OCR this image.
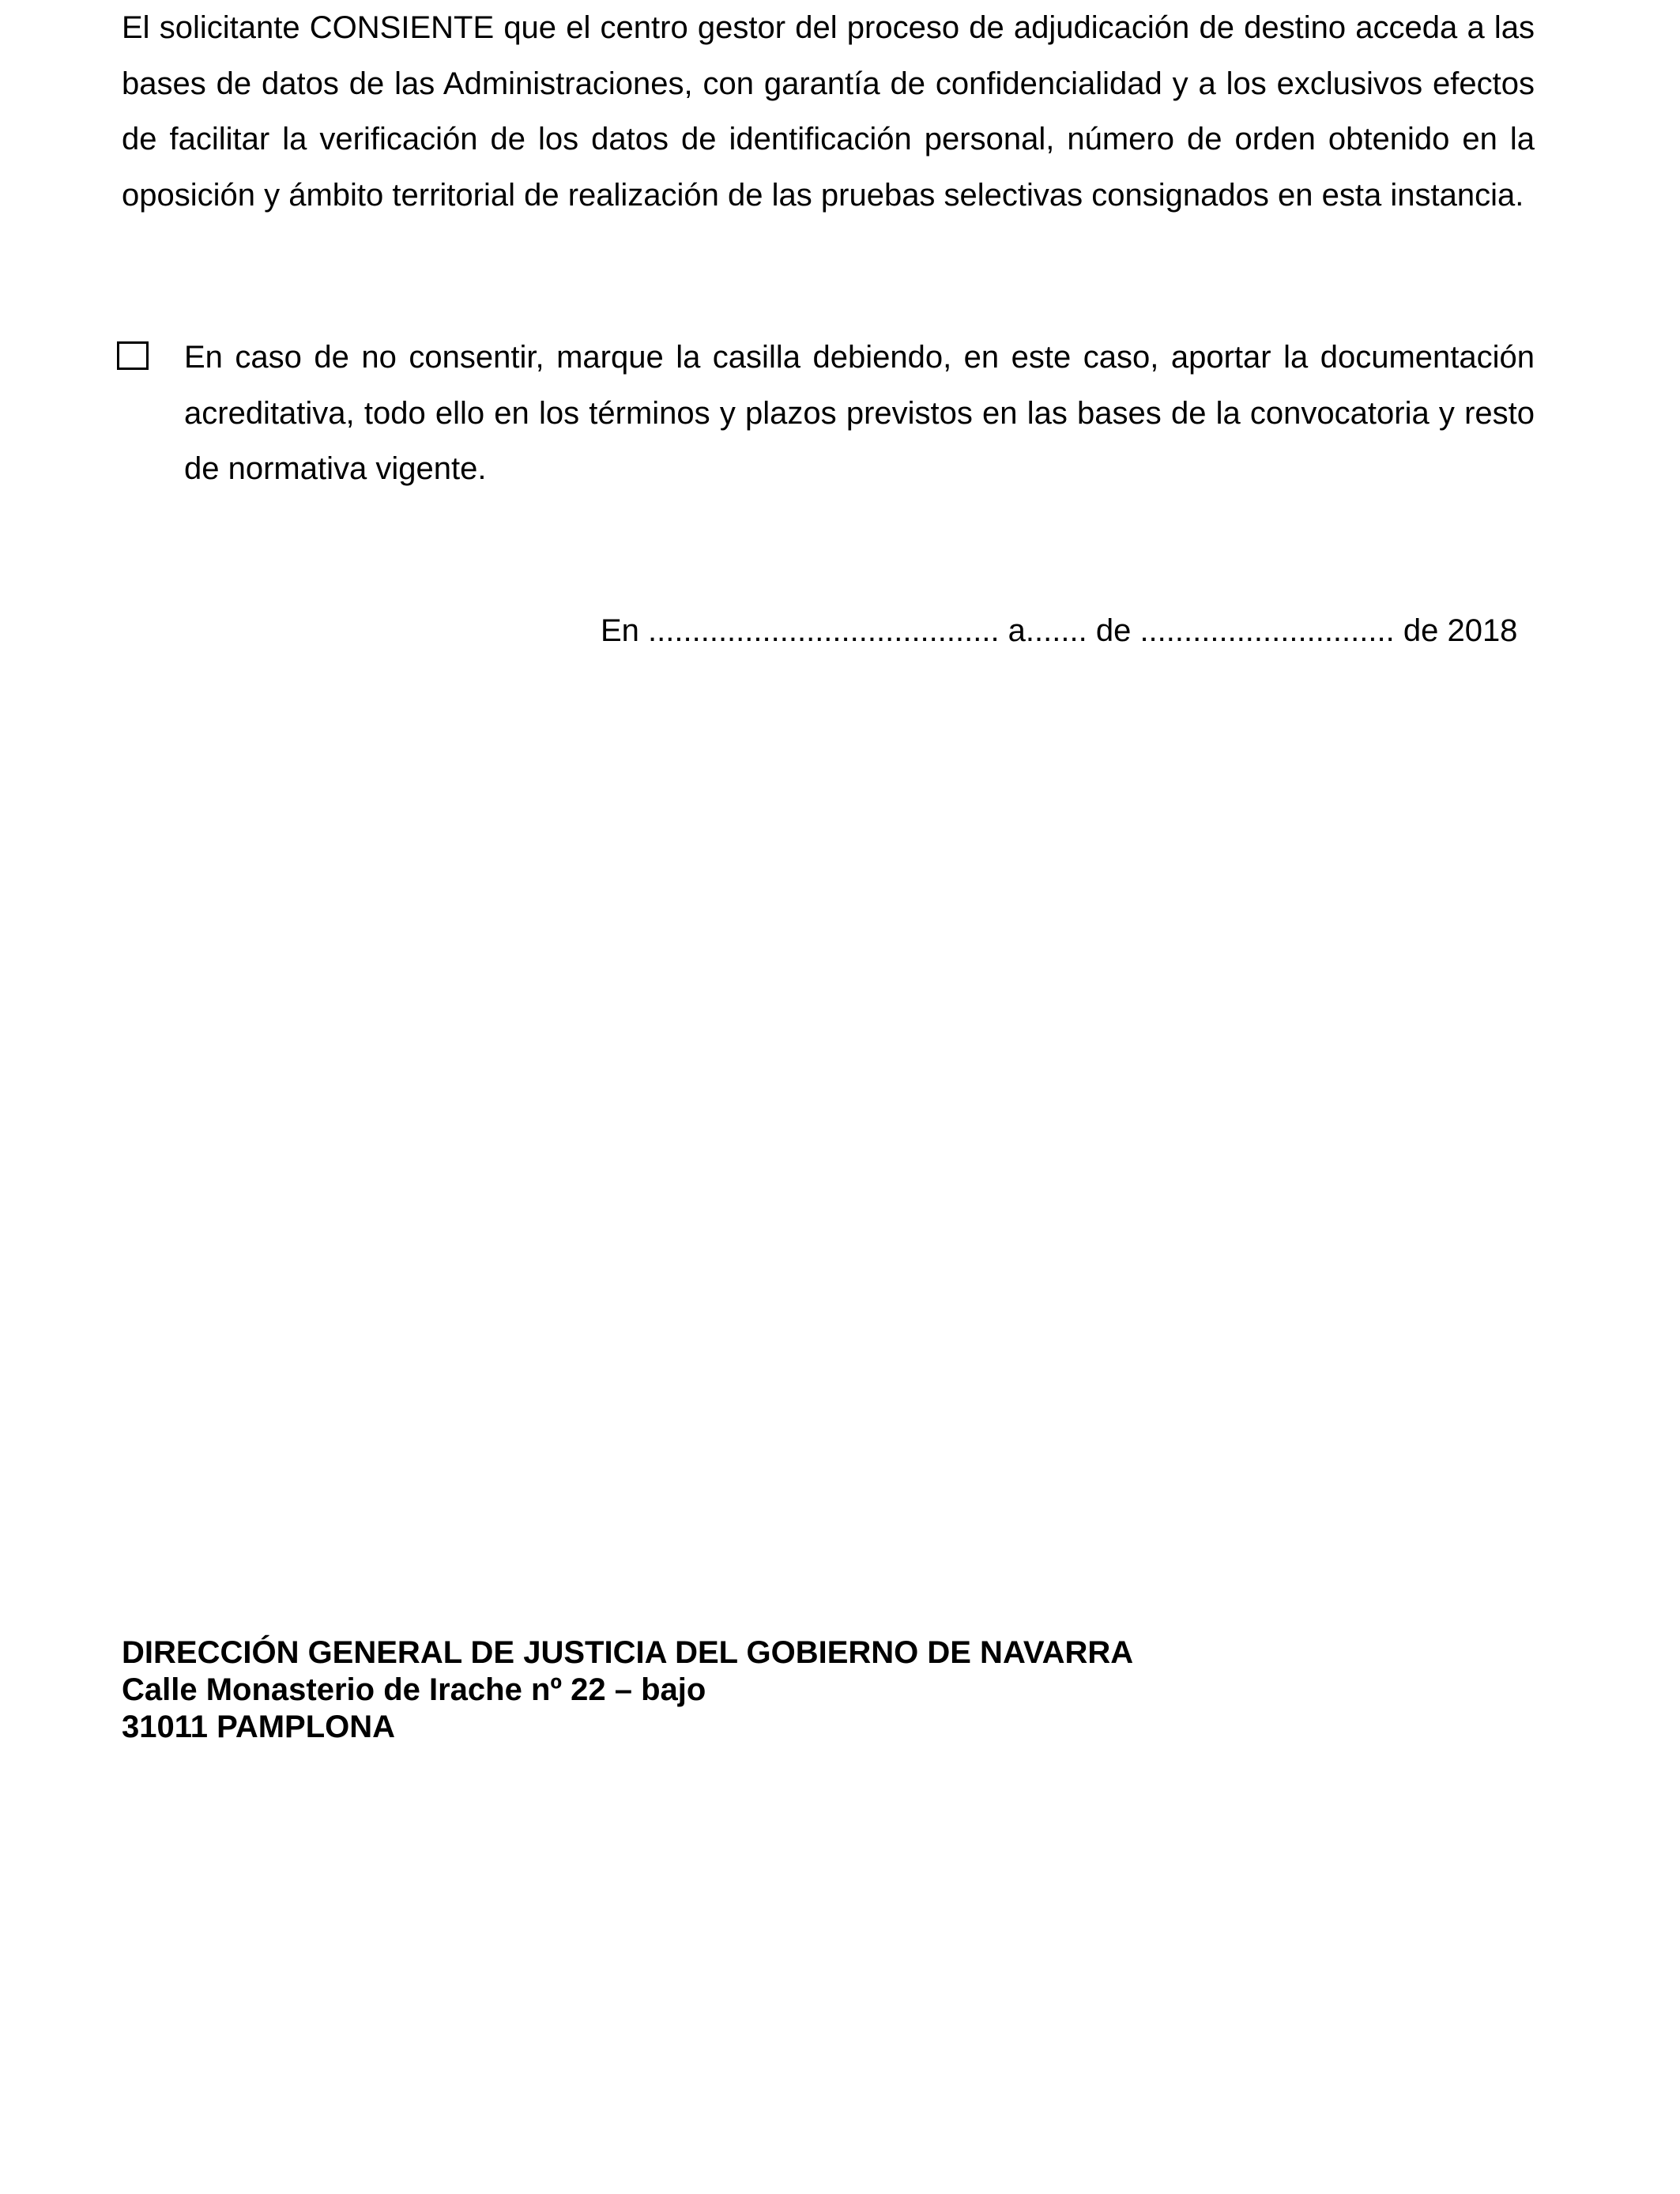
El solicitante CONSIENTE que el centro gestor del proceso de adjudicación de destino acceda a las bases de datos de las Administraciones, con garantía de confidencialidad y a los exclusivos efectos de facilitar la verificación de los datos de identificación personal, número de orden obtenido en la oposición y ámbito territorial de realización de las pruebas selectivas consignados en esta instancia.

En caso de no consentir, marque la casilla debiendo, en este caso, aportar la documentación acreditativa, todo ello en los términos y plazos previstos en las bases de la convocatoria y resto de normativa vigente.

En ........................................ a....... de ............................. de 2018

DIRECCIÓN GENERAL DE JUSTICIA DEL GOBIERNO DE NAVARRA
Calle Monasterio de Irache nº 22 – bajo
31011 PAMPLONA
